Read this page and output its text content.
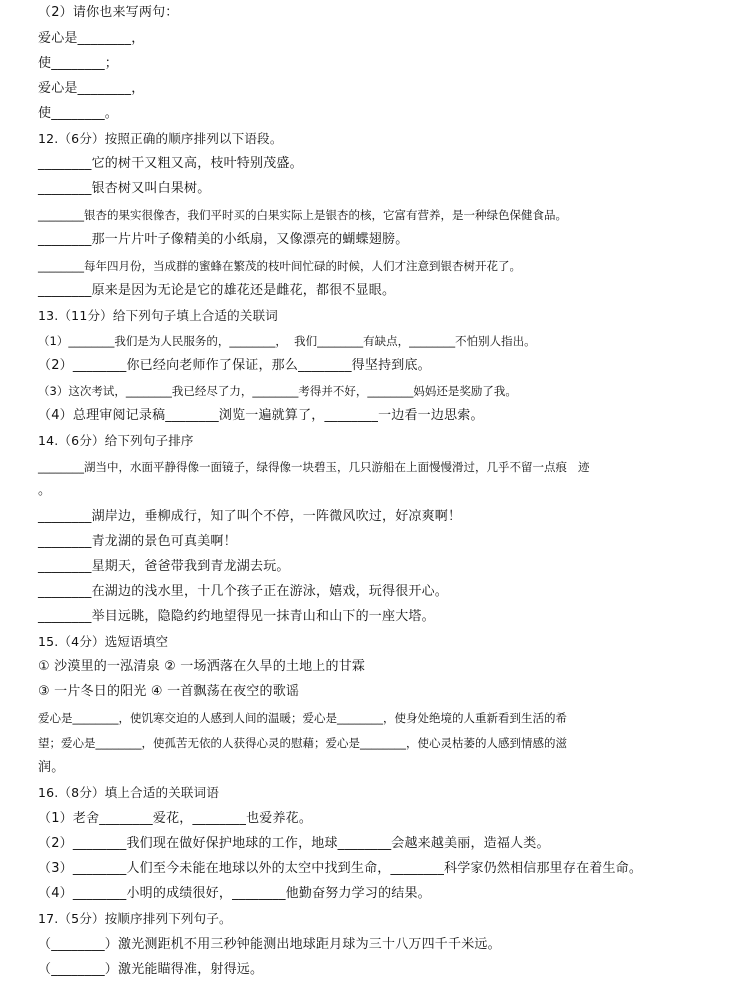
（2）请你也来写两句：
爱心是________，
使________；
爱心是________，
使________。
12.（6分）按照正确的顺序排列以下语段。
________它的树干又粗又高，枝叶特别茂盛。
________银杏树又叫白果树。
________银杏的果实很像杏，我们平时买的白果实际上是银杏的核，它富有营养，是一种绿色保健食品。
________那一片片叶子像精美的小纸扇，又像漂亮的蝴蝶翅膀。
________每年四月份，当成群的蜜蜂在繁茂的枝叶间忙碌的时候，人们才注意到银杏树开花了。
________原来是因为无论是它的雄花还是雌花，都很不显眼。
13.（11分）给下列句子填上合适的关联词
（1）________我们是为人民服务的，________，  我们________有缺点，________不怕别人指出。
（2）________你已经向老师作了保证，那么________得坚持到底。
（3）这次考试，________我已经尽了力，________考得并不好，________妈妈还是奖励了我。
（4）总理审阅记录稿________浏览一遍就算了，________一边看一边思索。
14.（6分）给下列句子排序
________湖当中，水面平静得像一面镜子，绿得像一块碧玉，几只游船在上面慢慢滑过，几乎不留一点痕   迹
。
________湖岸边，垂柳成行，知了叫个不停，一阵微风吹过，好凉爽啊！
________青龙湖的景色可真美啊！
________星期天，爸爸带我到青龙湖去玩。
________在湖边的浅水里，十几个孩子正在游泳，嬉戏，玩得很开心。
________举目远眺，隐隐约约地望得见一抹青山和山下的一座大塔。
15.（4分）选短语填空
① 沙漠里的一泓清泉 ② 一场洒落在久旱的土地上的甘霖
③ 一片冬日的阳光 ④ 一首飘荡在夜空的歌谣
爱心是________，使饥寒交迫的人感到人间的温暖；爱心是________，使身处绝境的人重新看到生活的希
望；爱心是________，使孤苦无依的人获得心灵的慰藉；爱心是________，使心灵枯萎的人感到情感的滋
润。
16.（8分）填上合适的关联词语
（1）老舍________爱花，________也爱养花。
（2）________我们现在做好保护地球的工作，地球________会越来越美丽，造福人类。
（3）________人们至今未能在地球以外的太空中找到生命，________科学家仍然相信那里存在着生命。
（4）________小明的成绩很好，________他勤奋努力学习的结果。
17.（5分）按顺序排列下列句子。
（________）激光测距机不用三秒钟能测出地球距月球为三十八万四千千米远。
（________）激光能瞄得准，射得远。
